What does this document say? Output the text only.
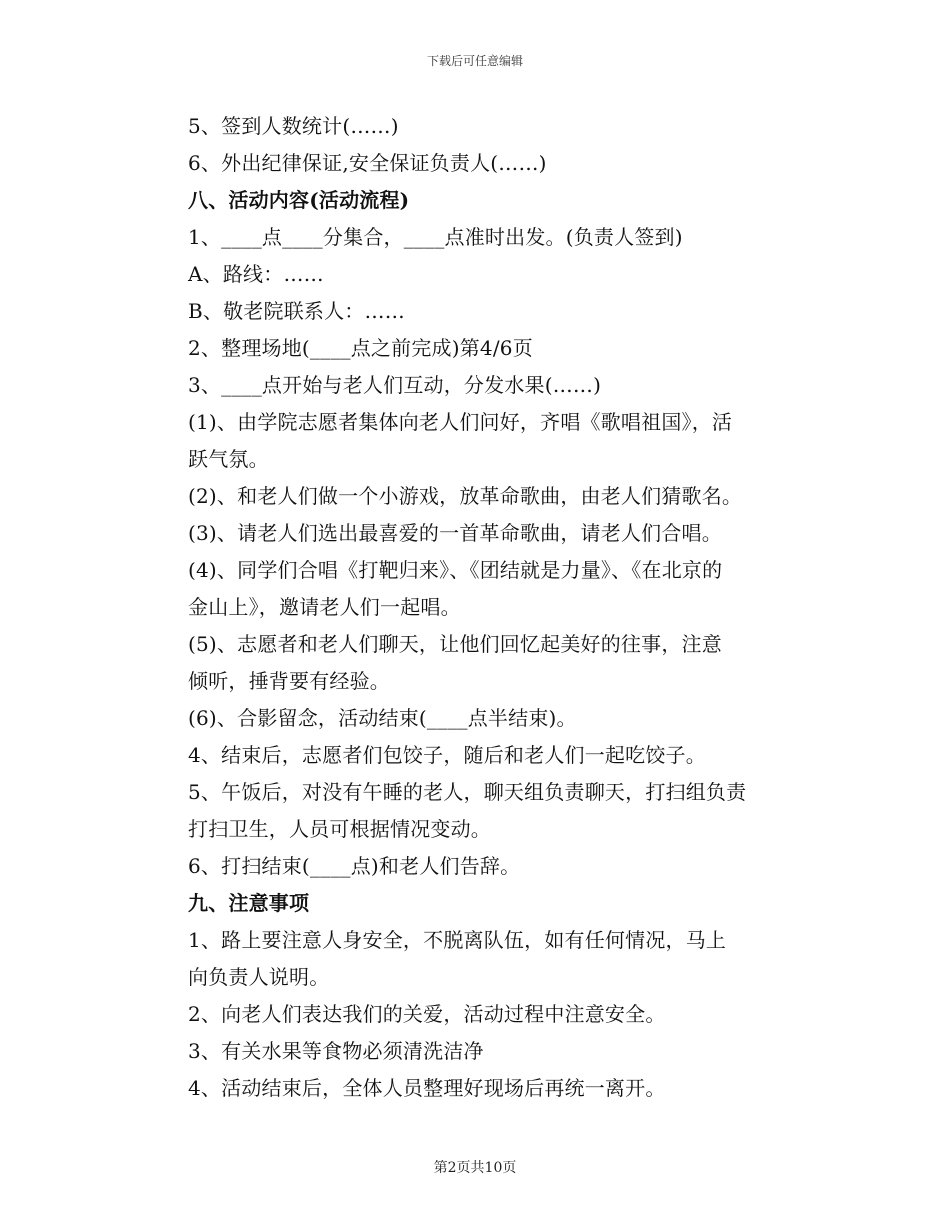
下载后可任意编辑
5、签到人数统计(……)
6、外出纪律保证,安全保证负责人(……)
八、活动内容(活动流程)
1、____点____分集合，____点准时出发。(负责人签到)
A、路线：……
B、敬老院联系人：……
2、整理场地(____点之前完成)第4/6页
3、____点开始与老人们互动，分发水果(……)
(1)、由学院志愿者集体向老人们问好，齐唱《歌唱祖国》，活
跃气氛。
(2)、和老人们做一个小游戏，放革命歌曲，由老人们猜歌名。
(3)、请老人们选出最喜爱的一首革命歌曲，请老人们合唱。
(4)、同学们合唱《打靶归来》、《团结就是力量》、《在北京的
金山上》，邀请老人们一起唱。
(5)、志愿者和老人们聊天，让他们回忆起美好的往事，注意
倾听，捶背要有经验。
(6)、合影留念，活动结束(____点半结束)。
4、结束后，志愿者们包饺子，随后和老人们一起吃饺子。
5、午饭后，对没有午睡的老人，聊天组负责聊天，打扫组负责
打扫卫生，人员可根据情况变动。
6、打扫结束(____点)和老人们告辞。
九、注意事项
1、路上要注意人身安全，不脱离队伍，如有任何情况，马上
向负责人说明。
2、向老人们表达我们的关爱，活动过程中注意安全。
3、有关水果等食物必须清洗洁净
4、活动结束后，全体人员整理好现场后再统一离开。
第2页共10页
